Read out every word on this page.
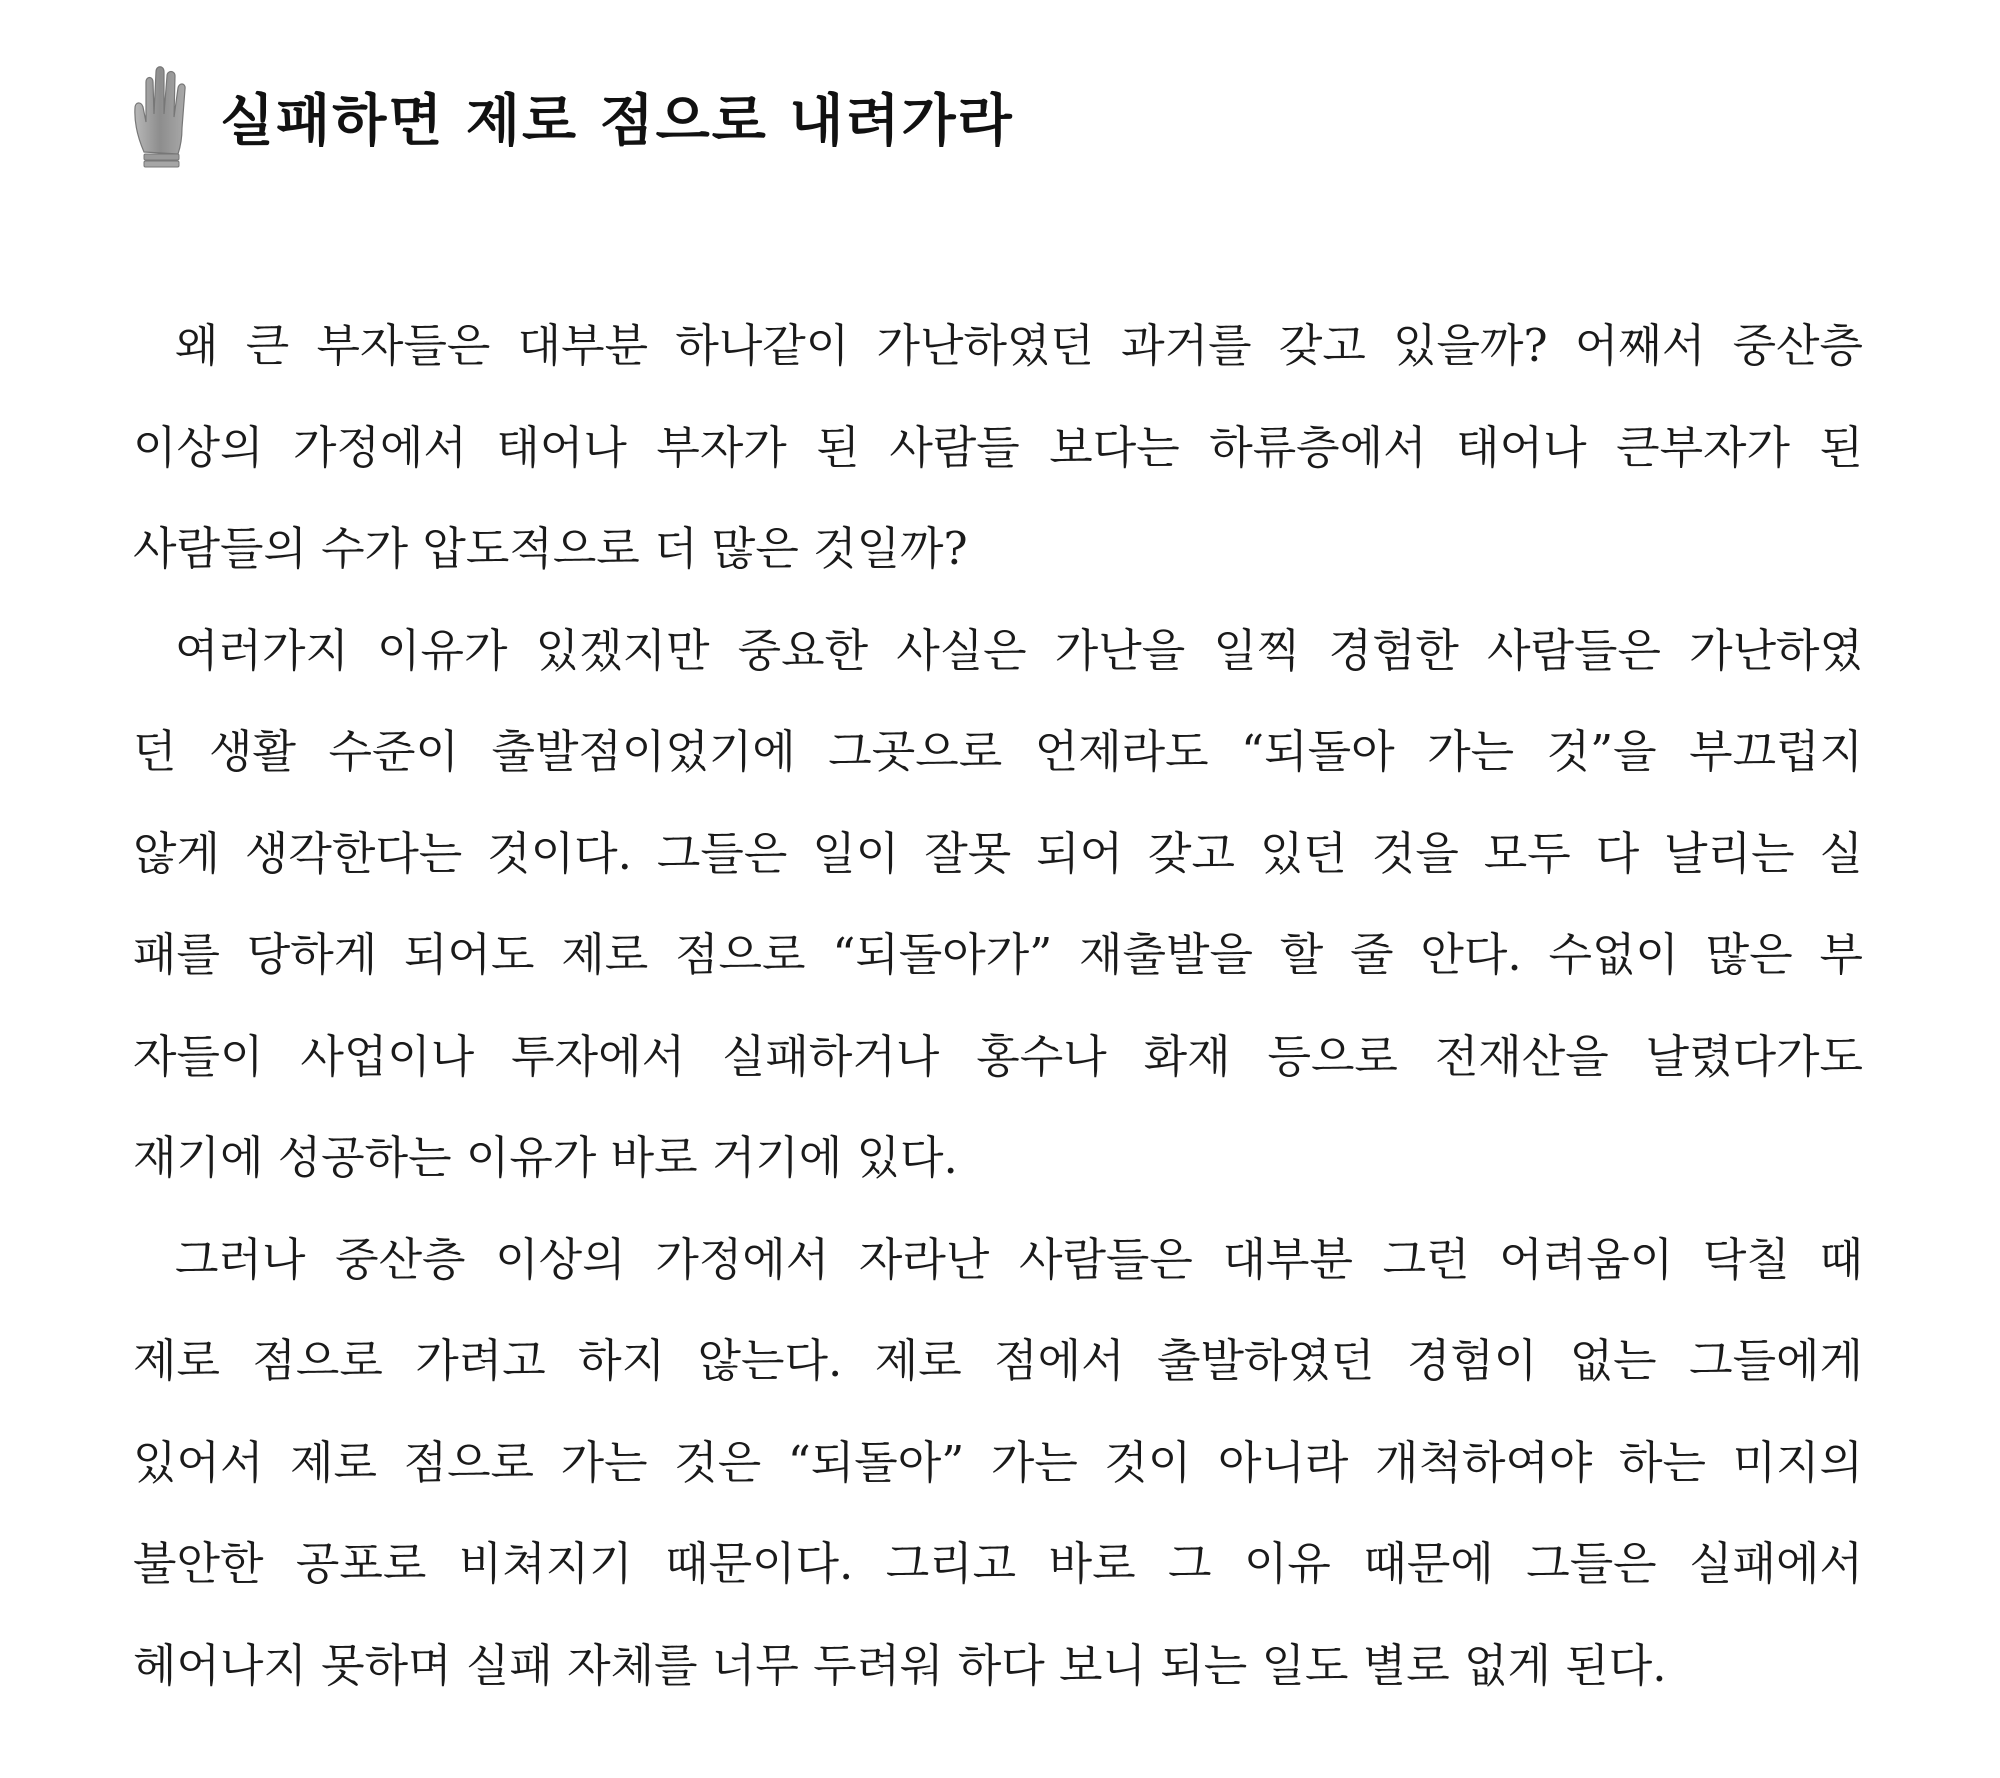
실패하면 제로 점으로 내려가라
왜 큰 부자들은 대부분 하나같이 가난하였던 과거를 갖고 있을까? 어째서 중산층
이상의 가정에서 태어나 부자가 된 사람들 보다는 하류층에서 태어나 큰부자가 된
사람들의 수가 압도적으로 더 많은 것일까?
여러가지 이유가 있겠지만 중요한 사실은 가난을 일찍 경험한 사람들은 가난하였
던 생활 수준이 출발점이었기에 그곳으로 언제라도 “되돌아 가는 것”을 부끄럽지
않게 생각한다는 것이다. 그들은 일이 잘못 되어 갖고 있던 것을 모두 다 날리는 실
패를 당하게 되어도 제로 점으로 “되돌아가” 재출발을 할 줄 안다. 수없이 많은 부
자들이 사업이나 투자에서 실패하거나 홍수나 화재 등으로 전재산을 날렸다가도
재기에 성공하는 이유가 바로 거기에 있다.
그러나 중산층 이상의 가정에서 자라난 사람들은 대부분 그런 어려움이 닥칠 때
제로 점으로 가려고 하지 않는다. 제로 점에서 출발하였던 경험이 없는 그들에게
있어서 제로 점으로 가는 것은 “되돌아” 가는 것이 아니라 개척하여야 하는 미지의
불안한 공포로 비쳐지기 때문이다. 그리고 바로 그 이유 때문에 그들은 실패에서
헤어나지 못하며 실패 자체를 너무 두려워 하다 보니 되는 일도 별로 없게 된다.
